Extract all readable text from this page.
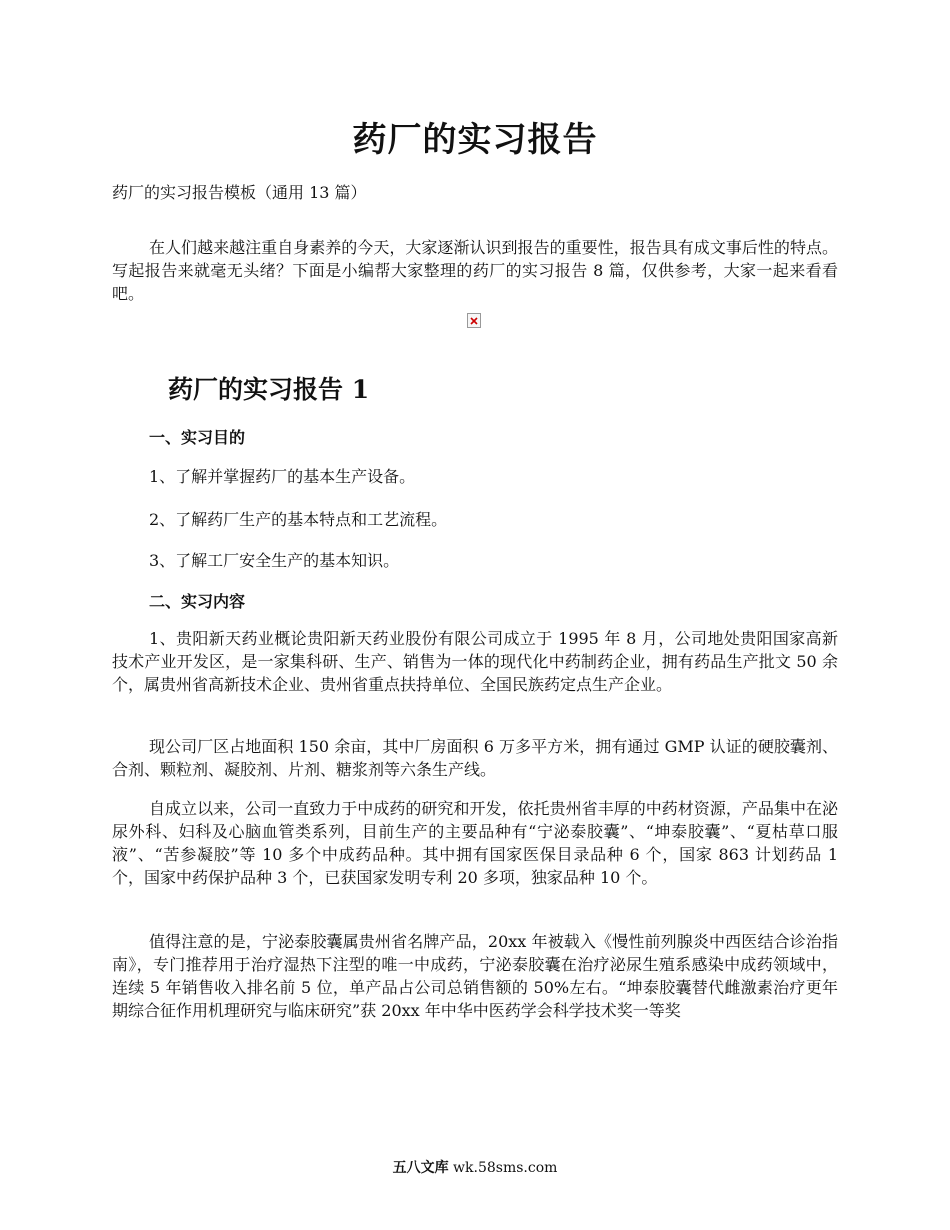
药厂的实习报告

药厂的实习报告模板（通用 13 篇）

在人们越来越注重自身素养的今天，大家逐渐认识到报告的重要性，报告具有成文事后性的特点。写起报告来就毫无头绪？下面是小编帮大家整理的药厂的实习报告 8 篇，仅供参考，大家一起来看看吧。

药厂的实习报告 1
一、实习目的

1、了解并掌握药厂的基本生产设备。

2、了解药厂生产的基本特点和工艺流程。

3、了解工厂安全生产的基本知识。

二、实习内容

1、贵阳新天药业概论贵阳新天药业股份有限公司成立于 1995 年 8 月，公司地处贵阳国家高新技术产业开发区，是一家集科研、生产、销售为一体的现代化中药制药企业，拥有药品生产批文 50 余个，属贵州省高新技术企业、贵州省重点扶持单位、全国民族药定点生产企业。

现公司厂区占地面积 150 余亩，其中厂房面积 6 万多平方米，拥有通过 GMP 认证的硬胶囊剂、合剂、颗粒剂、凝胶剂、片剂、糖浆剂等六条生产线。

自成立以来，公司一直致力于中成药的研究和开发，依托贵州省丰厚的中药材资源，产品集中在泌尿外科、妇科及心脑血管类系列，目前生产的主要品种有“宁泌泰胶囊”、“坤泰胶囊”、“夏枯草口服液”、“苦参凝胶”等 10 多个中成药品种。其中拥有国家医保目录品种 6 个，国家 863 计划药品 1 个，国家中药保护品种 3 个，已获国家发明专利 20 多项，独家品种 10 个。

值得注意的是，宁泌泰胶囊属贵州省名牌产品，20xx 年被载入《慢性前列腺炎中西医结合诊治指南》，专门推荐用于治疗湿热下注型的唯一中成药，宁泌泰胶囊在治疗泌尿生殖系感染中成药领域中，连续 5 年销售收入排名前 5 位，单产品占公司总销售额的 50%左右。“坤泰胶囊替代雌激素治疗更年期综合征作用机理研究与临床研究”获 20xx 年中华中医药学会科学技术奖一等奖

五八文库 wk.58sms.com
